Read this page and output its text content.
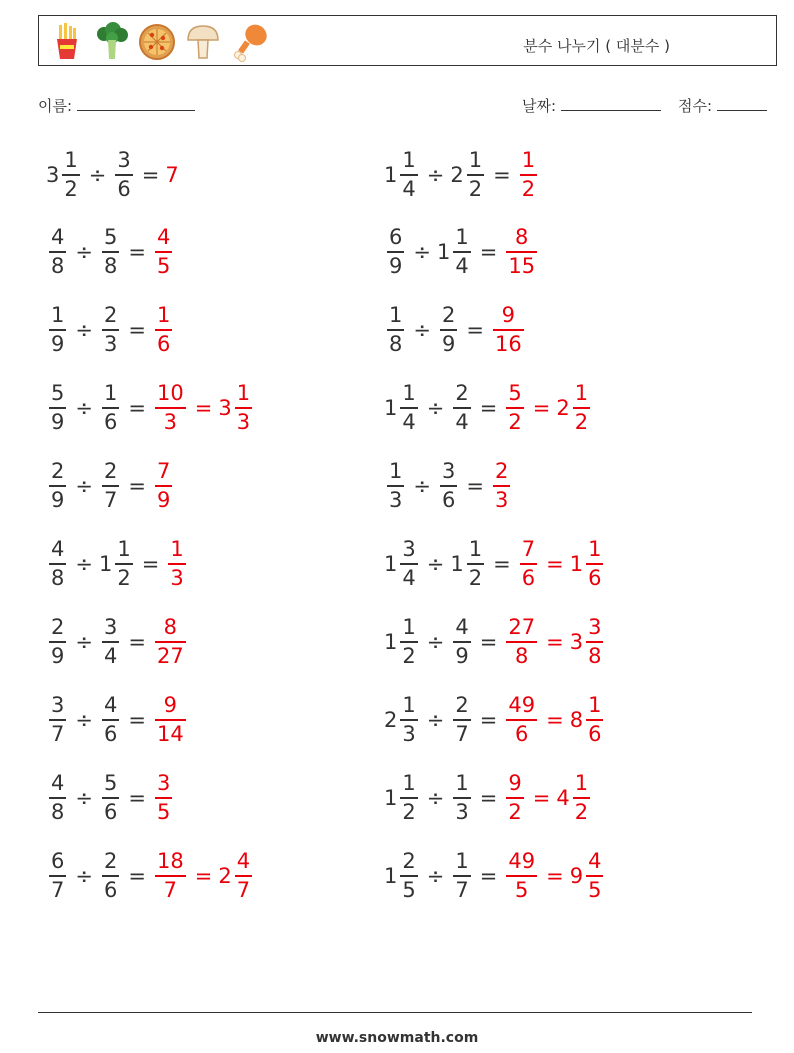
분수 나누기 ( 대분수 )
이름:	날짜:	점수:
$3 \frac{1}{2} \div \frac{3}{6} = 7$	$1 \frac{1}{4} \div 2 \frac{1}{2} = \frac{1}{2}$
$\frac{4}{8} \div \frac{5}{8} = \frac{4}{5}$	$\frac{6}{9} \div 1 \frac{1}{4} = \frac{8}{15}$
$\frac{1}{9} \div \frac{2}{3} = \frac{1}{6}$	$\frac{1}{8} \div \frac{2}{9} = \frac{9}{16}$
$\frac{5}{9} \div \frac{1}{6} = \frac{10}{3} = 3 \frac{1}{3}$	$1 \frac{1}{4} \div \frac{2}{4} = \frac{5}{2} = 2 \frac{1}{2}$
$\frac{2}{9} \div \frac{2}{7} = \frac{7}{9}$	$\frac{1}{3} \div \frac{3}{6} = \frac{2}{3}$
$\frac{4}{8} \div 1 \frac{1}{2} = \frac{1}{3}$	$1 \frac{3}{4} \div 1 \frac{1}{2} = \frac{7}{6} = 1 \frac{1}{6}$
$\frac{2}{9} \div \frac{3}{4} = \frac{8}{27}$	$1 \frac{1}{2} \div \frac{4}{9} = \frac{27}{8} = 3 \frac{3}{8}$
$\frac{3}{7} \div \frac{4}{6} = \frac{9}{14}$	$2 \frac{1}{3} \div \frac{2}{7} = \frac{49}{6} = 8 \frac{1}{6}$
$\frac{4}{8} \div \frac{5}{6} = \frac{3}{5}$	$1 \frac{1}{2} \div \frac{1}{3} = \frac{9}{2} = 4 \frac{1}{2}$
$\frac{6}{7} \div \frac{2}{6} = \frac{18}{7} = 2 \frac{4}{7}$	$1 \frac{2}{5} \div \frac{1}{7} = \frac{49}{5} = 9 \frac{4}{5}$
www.snowmath.com
